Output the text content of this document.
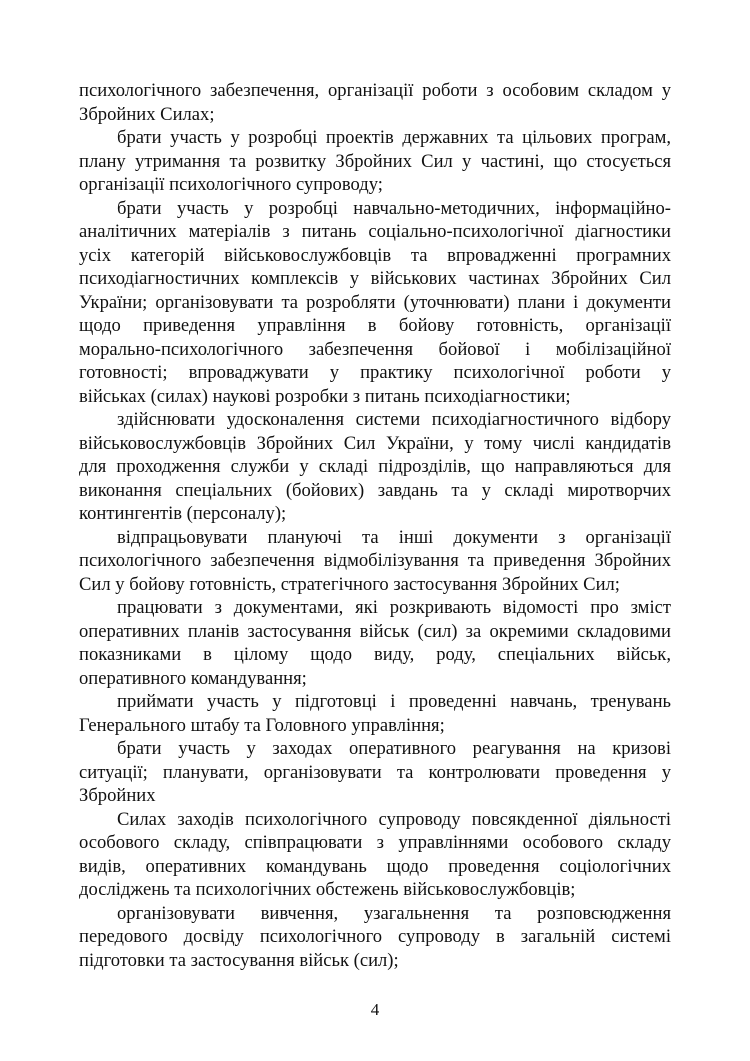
психологічного забезпечення, організації роботи з особовим складом у
Збройних Силах;
брати участь у розробці проектів державних та цільових програм,
плану утримання та розвитку Збройних Сил у частині, що стосується
організації психологічного супроводу;
брати участь у розробці навчально-методичних, інформаційно-
аналітичних матеріалів з питань соціально-психологічної діагностики
усіх категорій військовослужбовців та впровадженні програмних
психодіагностичних комплексів у військових частинах Збройних Сил
України; організовувати та розробляти (уточнювати) плани і документи
щодо приведення управління в бойову готовність, організації
морально-психологічного забезпечення бойової і мобілізаційної
готовності; впроваджувати у практику психологічної роботи у
військах (силах) наукові розробки з питань психодіагностики;
здійснювати удосконалення системи психодіагностичного відбору
військовослужбовців Збройних Сил України, у тому числі кандидатів
для проходження служби у складі підрозділів, що направляються для
виконання спеціальних (бойових) завдань та у складі миротворчих
контингентів (персоналу);
відпрацьовувати плануючі та інші документи з організації
психологічного забезпечення відмобілізування та приведення Збройних
Сил у бойову готовність, стратегічного застосування Збройних Сил;
працювати з документами, які розкривають відомості про зміст
оперативних планів застосування військ (сил) за окремими складовими
показниками в цілому щодо виду, роду, спеціальних військ,
оперативного командування;
приймати участь у підготовці і проведенні навчань, тренувань
Генерального штабу та Головного управління;
брати участь у заходах оперативного реагування на кризові
ситуації; планувати, організовувати та контролювати проведення у
Збройних
Силах заходів психологічного супроводу повсякденної діяльності
особового складу, співпрацювати з управліннями особового складу
видів, оперативних командувань щодо проведення соціологічних
досліджень та психологічних обстежень військовослужбовців;
організовувати вивчення, узагальнення та розповсюдження
передового досвіду психологічного супроводу в загальній системі
підготовки та застосування військ (сил);
4
